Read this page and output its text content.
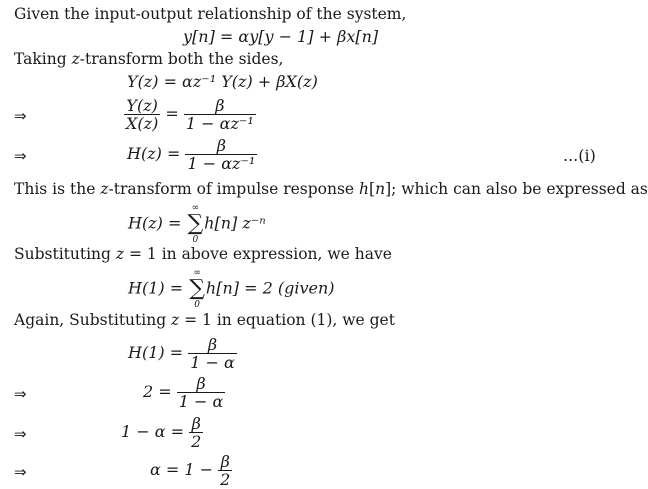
Given the input-output relationship of the system,
y[n] = αy[y − 1] + βx[n]
Taking z-transform both the sides,
Y(z) = αz⁻¹ Y(z) + βX(z)
⇒	$\frac{Y(z)}{X(z)} = \frac{\beta}{\text{1 − αz⁻¹}}$
⇒	$H(z) = \frac{\beta}{\text{1 − αz⁻¹}}$	...(i)
This is the z-transform of impulse response h[n]; which can also be expressed as
H(z) =
∞
∑
0
h[n] z⁻ⁿ
Substituting z = 1 in above expression, we have
H(1) =
∞
∑
0
h[n] = 2 (given)
Again, Substituting z = 1 in equation (1), we get
$H(1) = \frac{\beta}{1 - \alpha}$
⇒	$2 = \frac{\beta}{1 - \alpha}$
⇒	$1 - \alpha = \frac{\beta}{2}$
⇒	$\alpha = 1 - \frac{\beta}{2}$
